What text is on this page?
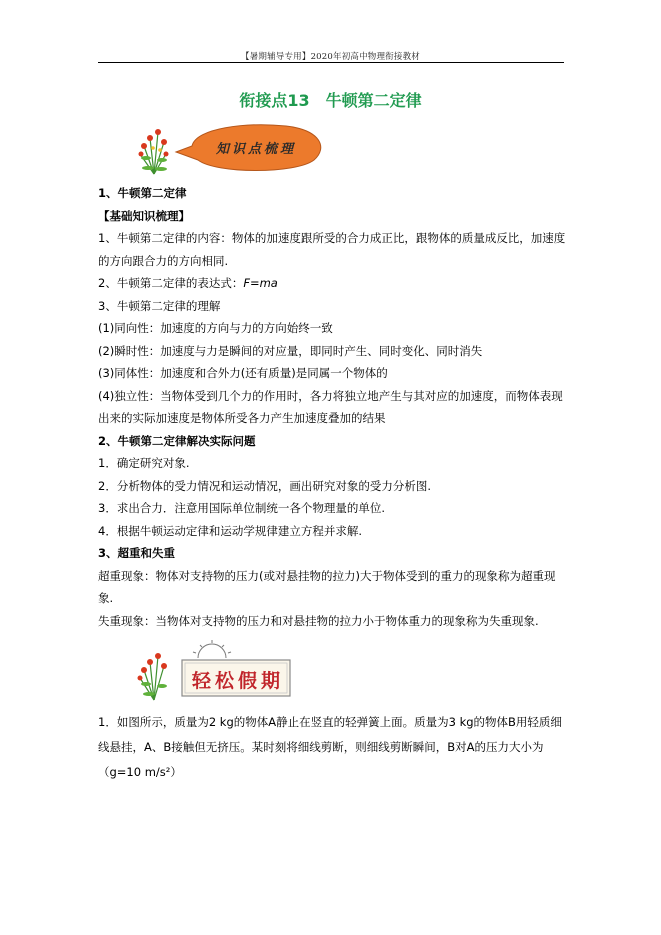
【暑期辅导专用】2020年初高中物理衔接教材
衔接点13　牛顿第二定律
知识点梳理

1、牛顿第二定律

【基础知识梳理】

1、牛顿第二定律的内容：物体的加速度跟所受的合力成正比，跟物体的质量成反比，加速度的方向跟合力的方向相同.

2、牛顿第二定律的表达式：F=ma

3、牛顿第二定律的理解

(1)同向性：加速度的方向与力的方向始终一致

(2)瞬时性：加速度与力是瞬间的对应量，即同时产生、同时变化、同时消失

(3)同体性：加速度和合外力(还有质量)是同属一个物体的

(4)独立性：当物体受到几个力的作用时，各力将独立地产生与其对应的加速度，而物体表现出来的实际加速度是物体所受各力产生加速度叠加的结果

2、牛顿第二定律解决实际问题

1．确定研究对象.

2．分析物体的受力情况和运动情况，画出研究对象的受力分析图.

3．求出合力．注意用国际单位制统一各个物理量的单位.

4．根据牛顿运动定律和运动学规律建立方程并求解.

3、超重和失重

超重现象：物体对支持物的压力(或对悬挂物的拉力)大于物体受到的重力的现象称为超重现象.

失重现象：当物体对支持物的压力和对悬挂物的拉力小于物体重力的现象称为失重现象.

轻松假期

1．如图所示，质量为2 kg的物体A静止在竖直的轻弹簧上面。质量为3 kg的物体B用轻质细线悬挂，A、B接触但无挤压。某时刻将细线剪断，则细线剪断瞬间，B对A的压力大小为（g=10 m/s²）
